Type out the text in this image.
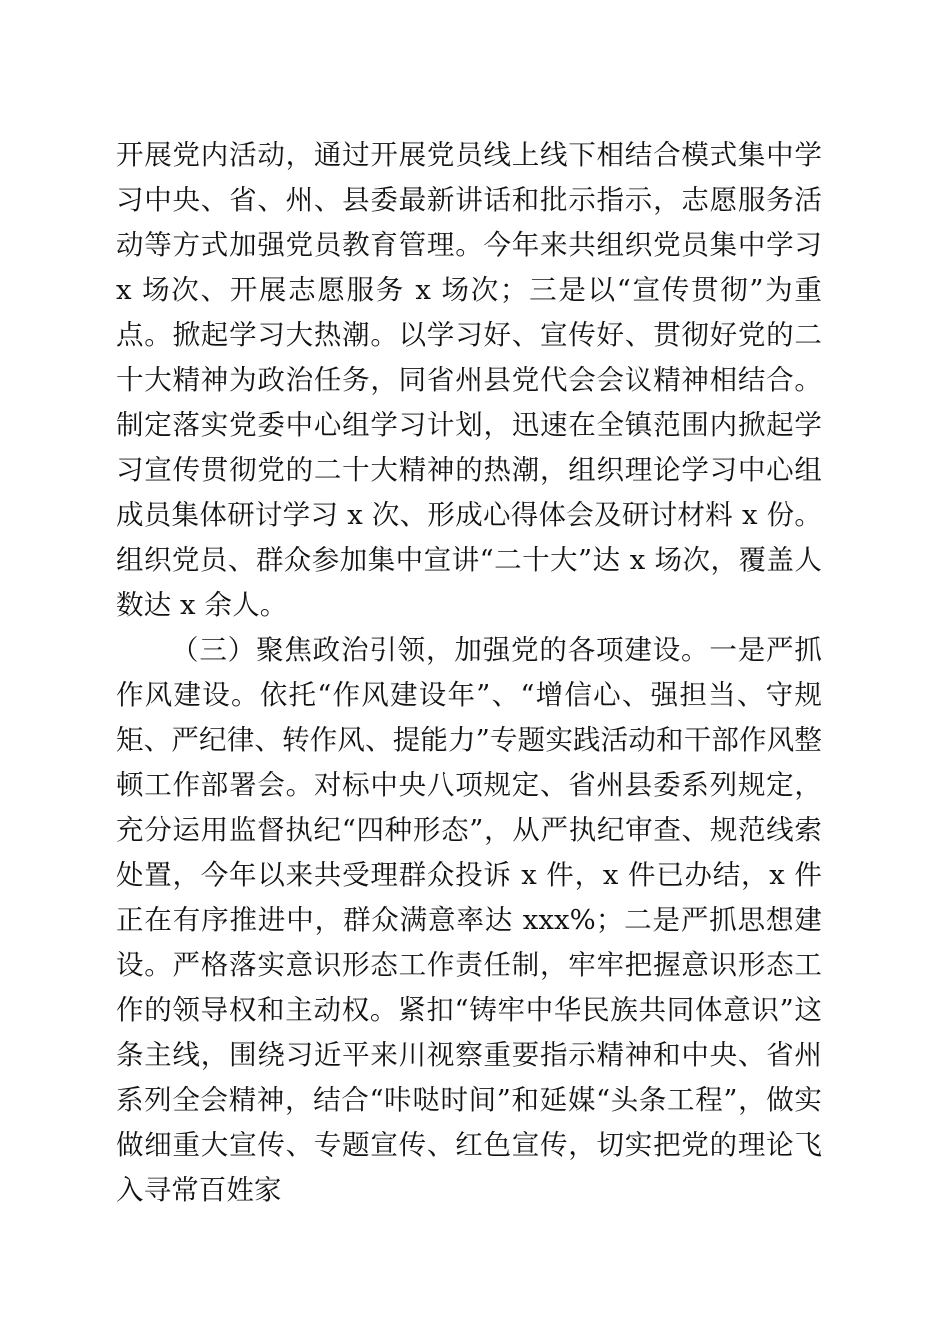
开展党内活动，通过开展党员线上线下相结合模式集中学习中央、省、州、县委最新讲话和批示指示，志愿服务活动等方式加强党员教育管理。今年来共组织党员集中学习 x 场次、开展志愿服务 x 场次；三是以“宣传贯彻”为重点。掀起学习大热潮。以学习好、宣传好、贯彻好党的二十大精神为政治任务，同省州县党代会会议精神相结合。制定落实党委中心组学习计划，迅速在全镇范围内掀起学习宣传贯彻党的二十大精神的热潮，组织理论学习中心组成员集体研讨学习 x 次、形成心得体会及研讨材料 x 份。组织党员、群众参加集中宣讲“二十大”达 x 场次，覆盖人数达 x 余人。

（三）聚焦政治引领，加强党的各项建设。一是严抓作风建设。依托“作风建设年”、“增信心、强担当、守规矩、严纪律、转作风、提能力”专题实践活动和干部作风整顿工作部署会。对标中央八项规定、省州县委系列规定，充分运用监督执纪“四种形态”，从严执纪审查、规范线索处置，今年以来共受理群众投诉 x 件，x 件已办结，x 件正在有序推进中，群众满意率达 xxx%；二是严抓思想建设。严格落实意识形态工作责任制，牢牢把握意识形态工作的领导权和主动权。紧扣“铸牢中华民族共同体意识”这条主线，围绕习近平来川视察重要指示精神和中央、省州系列全会精神，结合“咔哒时间”和延媒“头条工程”，做实做细重大宣传、专题宣传、红色宣传，切实把党的理论飞入寻常百姓家
